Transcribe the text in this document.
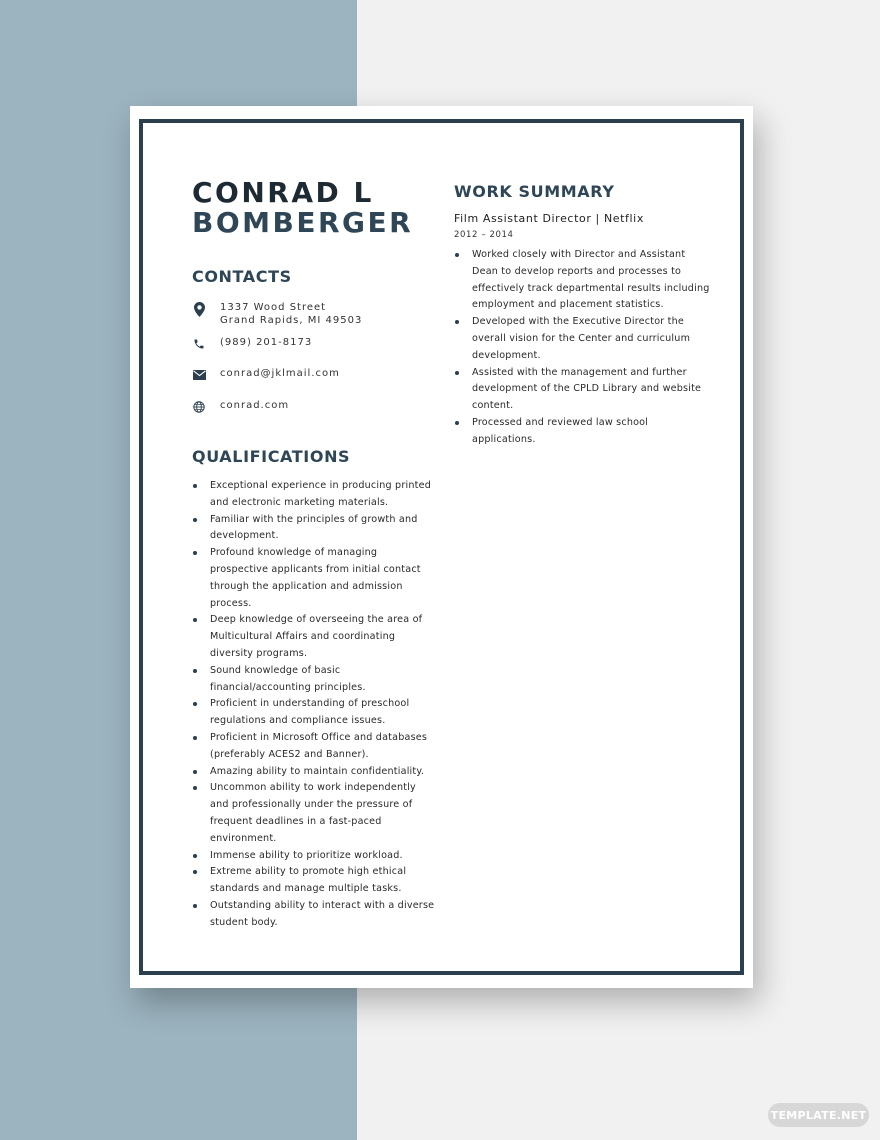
CONRAD L
BOMBERGER
CONTACTS
1337 Wood Street
Grand Rapids, MI 49503
(989) 201-8173
conrad@jklmail.com
conrad.com
QUALIFICATIONS
Exceptional experience in producing printed and electronic marketing materials.
Familiar with the principles of growth and development.
Profound knowledge of managing prospective applicants from initial contact through the application and admission process.
Deep knowledge of overseeing the area of Multicultural Affairs and coordinating diversity programs.
Sound knowledge of basic financial/accounting principles.
Proficient in understanding of preschool regulations and compliance issues.
Proficient in Microsoft Office and databases (preferably ACES2 and Banner).
Amazing ability to maintain confidentiality.
Uncommon ability to work independently and professionally under the pressure of frequent deadlines in a fast-paced environment.
Immense ability to prioritize workload.
Extreme ability to promote high ethical standards and manage multiple tasks.
Outstanding ability to interact with a diverse student body.
WORK SUMMARY
Film Assistant Director | Netflix
2012 – 2014
Worked closely with Director and Assistant Dean to develop reports and processes to effectively track departmental results including employment and placement statistics.
Developed with the Executive Director the overall vision for the Center and curriculum development.
Assisted with the management and further development of the CPLD Library and website content.
Processed and reviewed law school applications.
TEMPLATE.NET
